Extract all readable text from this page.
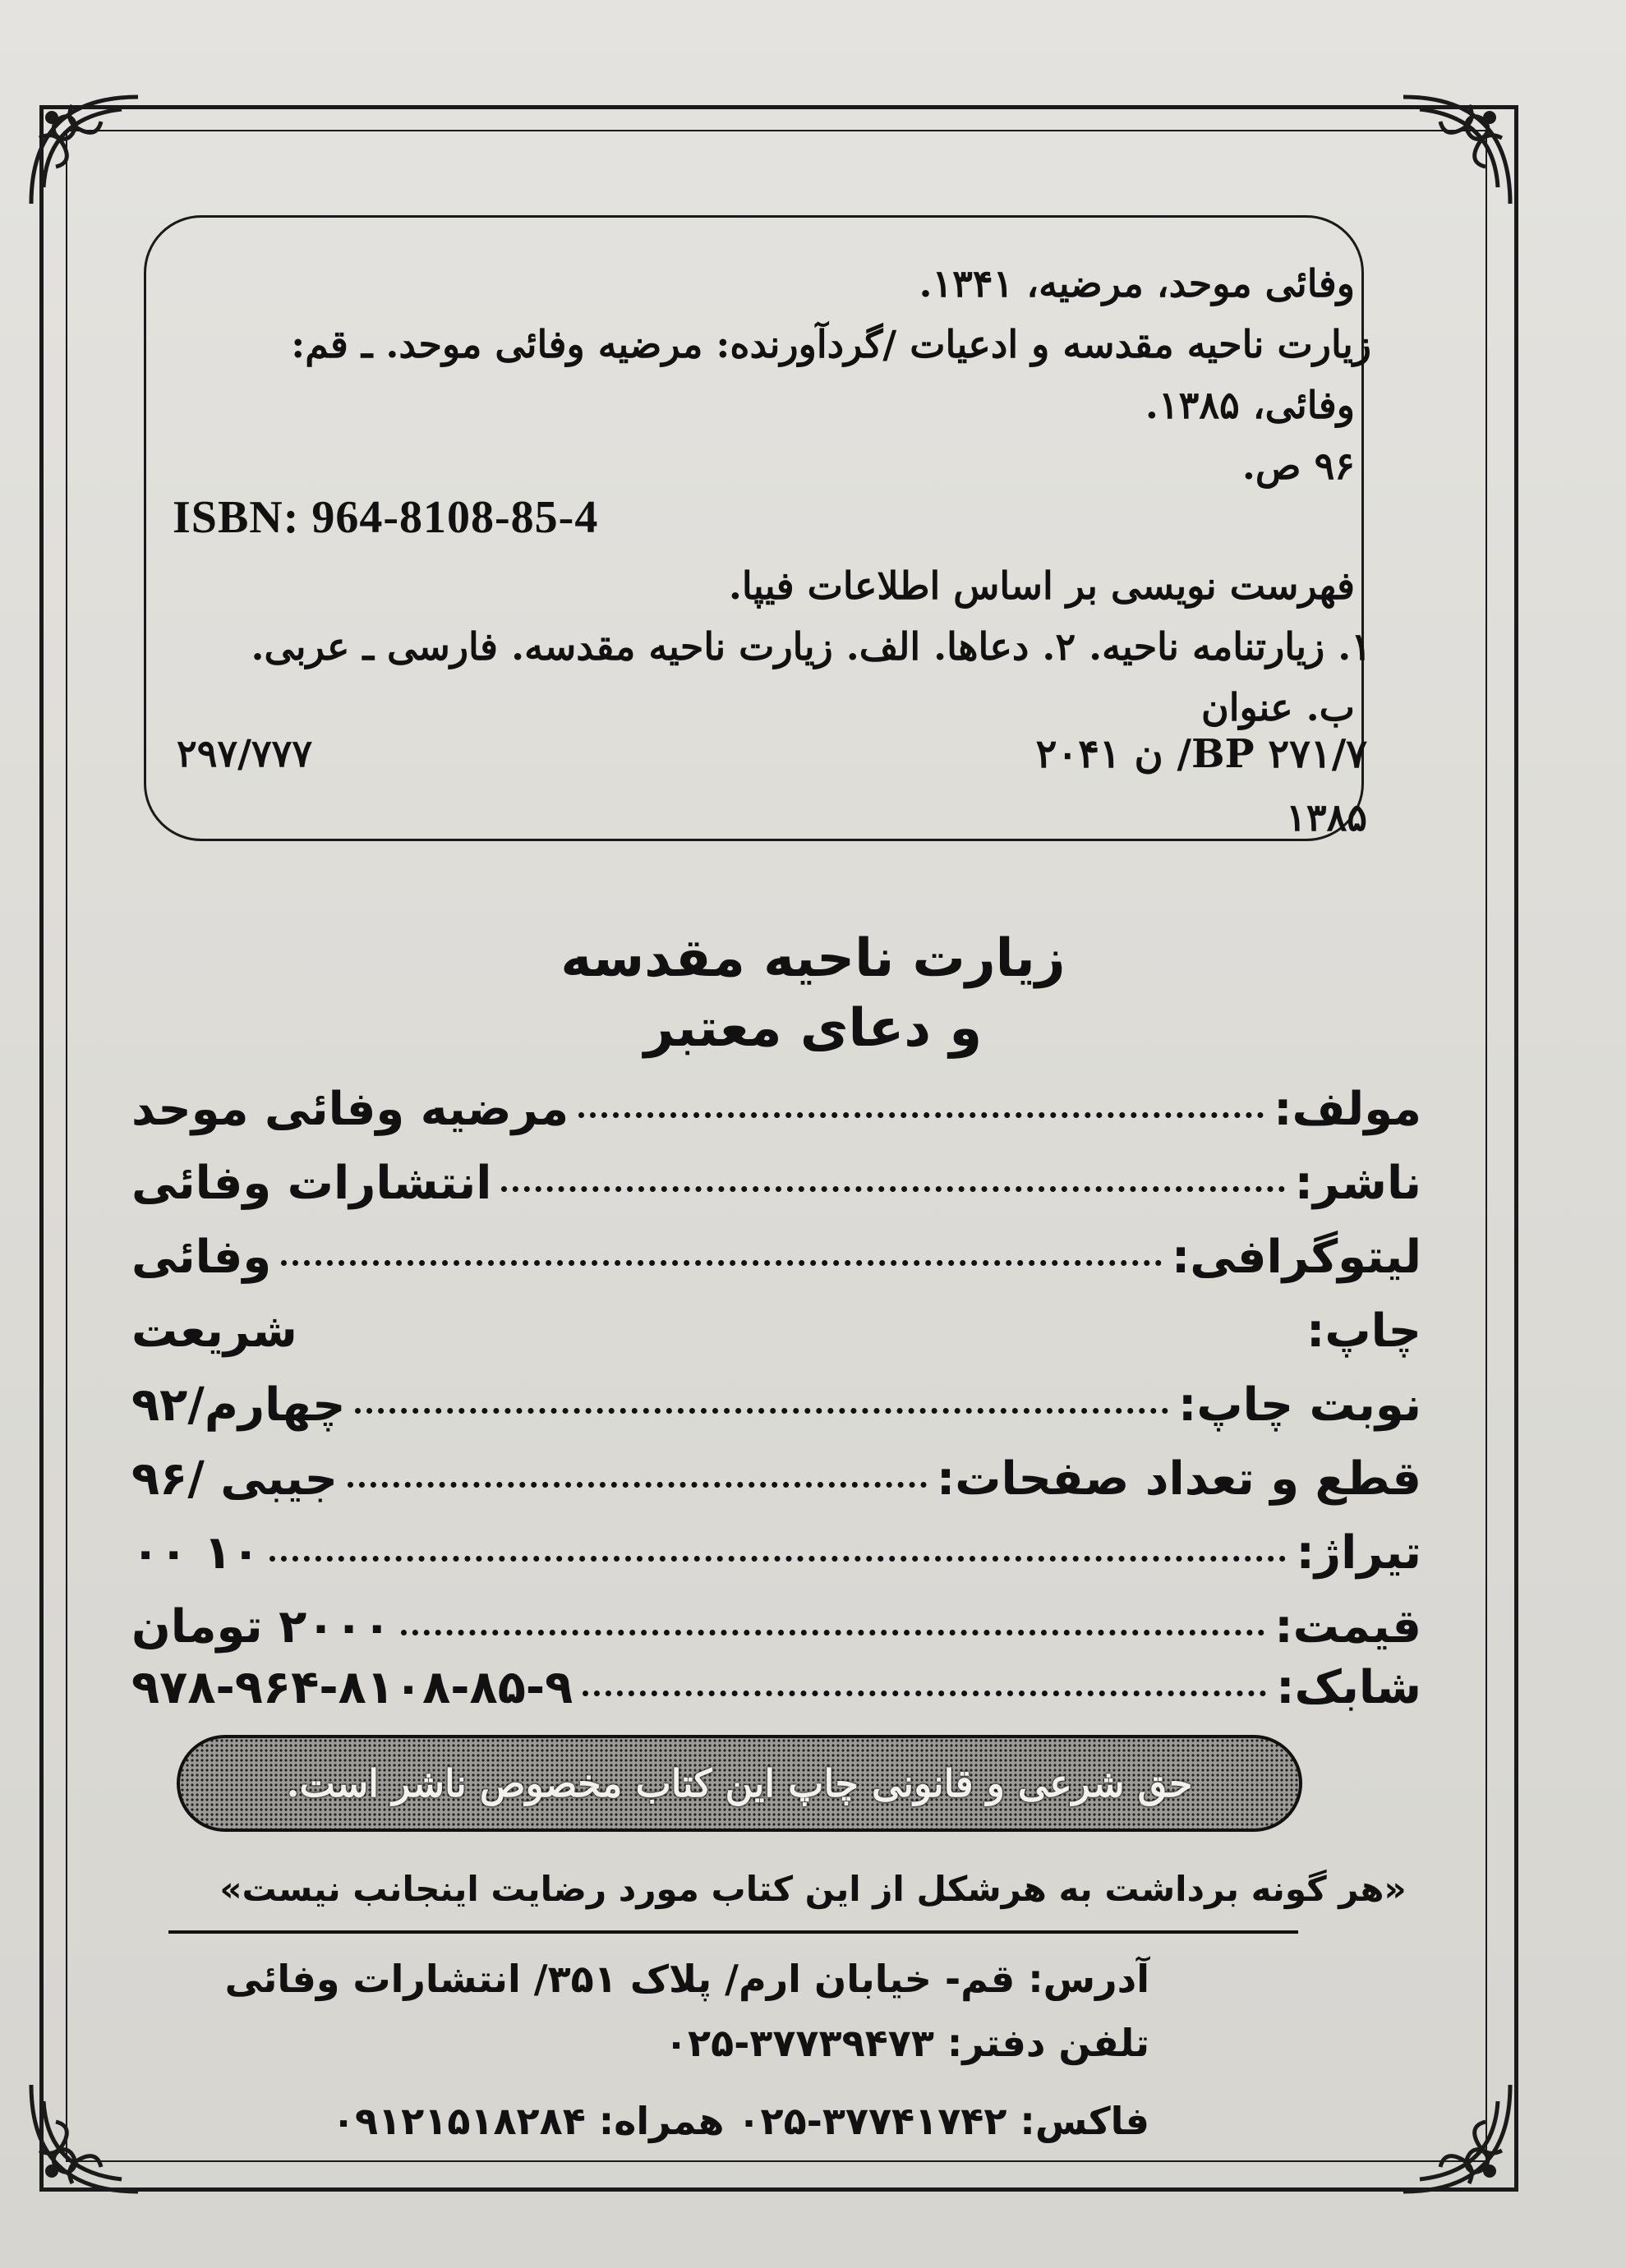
وفائی موحد، مرضیه، ۱۳۴۱.
زیارت ناحیه مقدسه و ادعیات /گردآورنده: مرضیه وفائی موحد. ـ قم:
وفائی، ۱۳۸۵.
۹۶ ص.
ISBN: 964-8108-85-4
فهرست نویسی بر اساس اطلاعات فیپا.
۱. زیارتنامه ناحیه. ۲. دعاها. الف. زیارت ناحیه مقدسه. فارسی ـ عربی.
ب. عنوان
BP ۲۷۱/۷/ ن ۲۰۴۱
۲۹۷/۷۷۷
۱۳۸۵
زیارت ناحیه مقدسه
و دعای معتبر
مولف:
مرضیه وفائی موحد
ناشر:
انتشارات وفائی
لیتوگرافی:
وفائی
چاپ:
شریعت
نوبت چاپ:
چهارم/۹۲
قطع و تعداد صفحات:
جیبی /۹۶
تیراژ:
۱۰ ۰۰
قیمت:
۲۰۰۰ تومان
شابک:
۹۷۸-۹۶۴-۸۱۰۸-۸۵-۹
حق شرعی و قانونی چاپ این کتاب مخصوص ناشر است.
«هر گونه برداشت به هرشکل از این کتاب مورد رضایت اینجانب نیست»
آدرس: قم- خیابان ارم/ پلاک ۳۵۱/ انتشارات وفائی
تلفن دفتر: ۳۷۷۳۹۴۷۳-۰۲۵
فاکس: ۳۷۷۴۱۷۴۲-۰۲۵ همراه: ۰۹۱۲۱۵۱۸۲۸۴
